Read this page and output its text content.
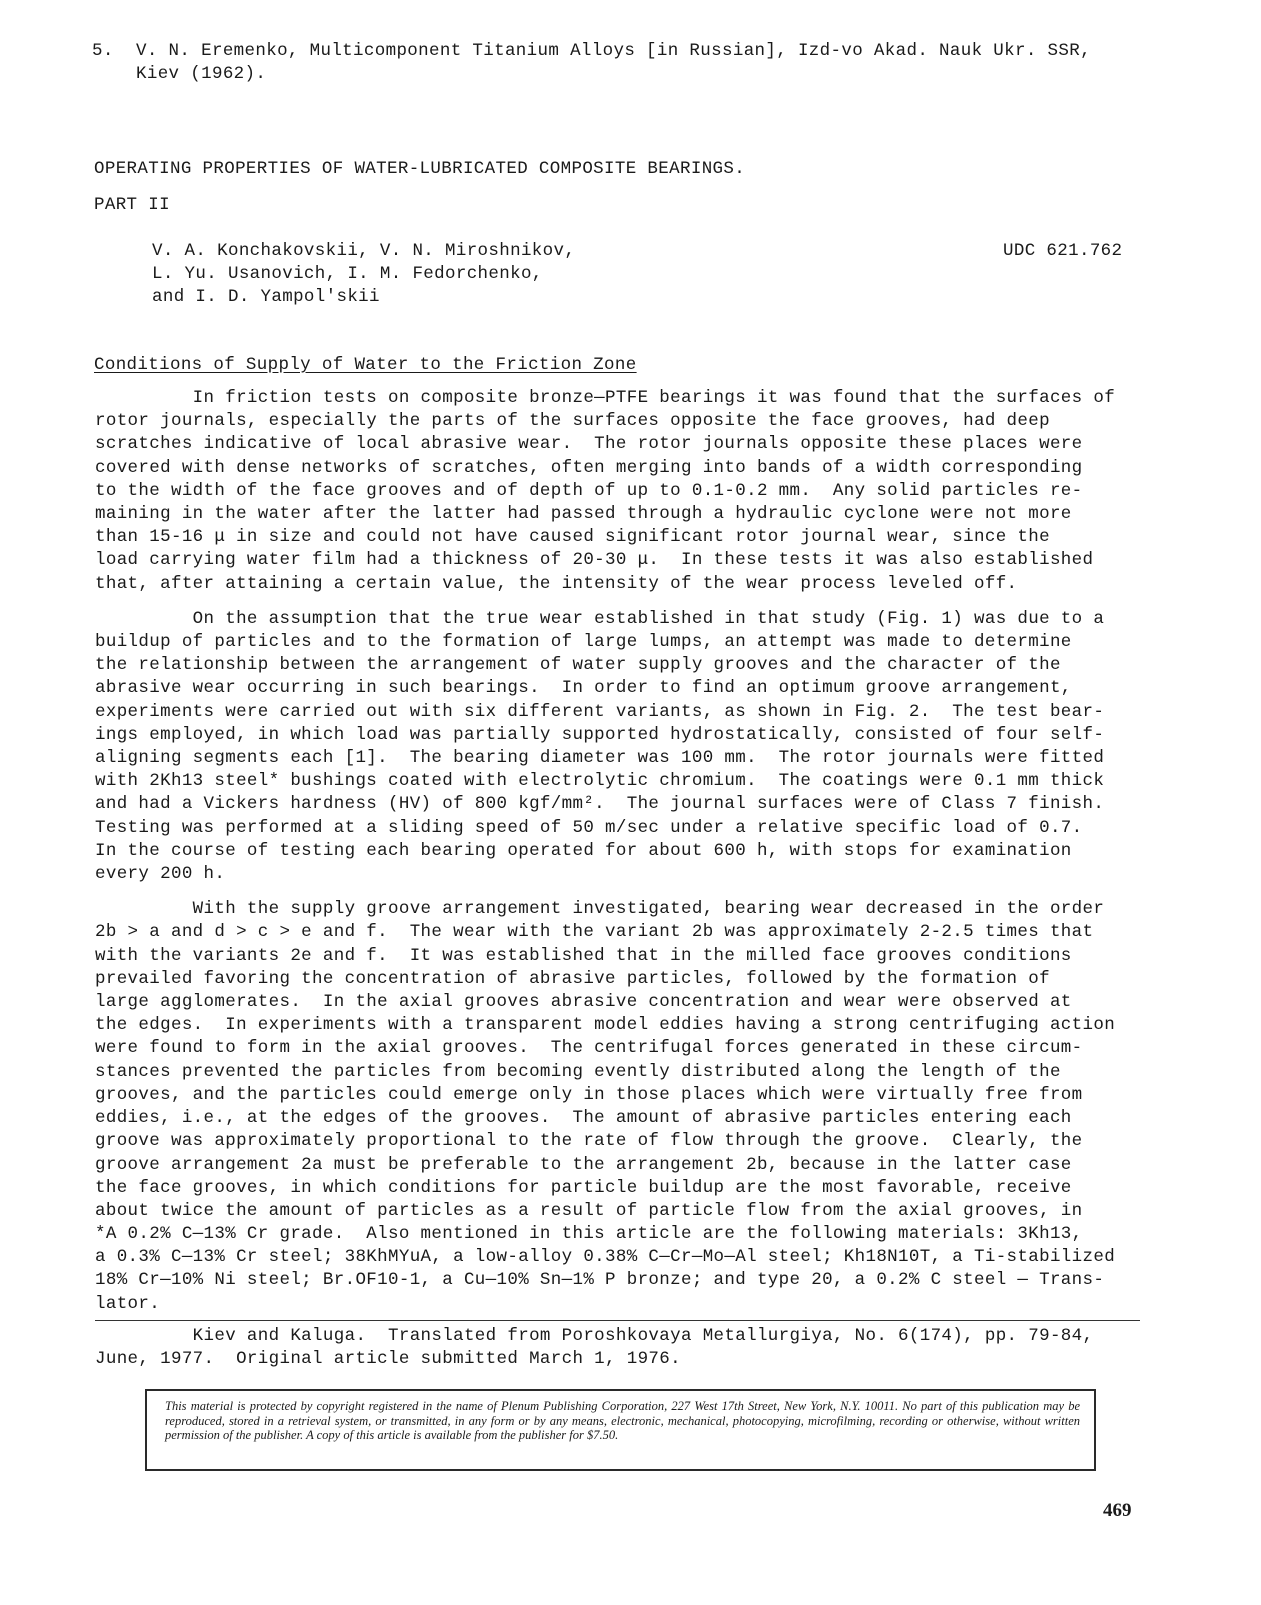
5. V. N. Eremenko, Multicomponent Titanium Alloys [in Russian], Izd-vo Akad. Nauk Ukr. SSR,
Kiev (1962).
OPERATING PROPERTIES OF WATER-LUBRICATED COMPOSITE BEARINGS.
PART II
V. A. Konchakovskii, V. N. Miroshnikov,
L. Yu. Usanovich, I. M. Fedorchenko,
and I. D. Yampol'skii
UDC 621.762
Conditions of Supply of Water to the Friction Zone
In friction tests on composite bronze—PTFE bearings it was found that the surfaces of
rotor journals, especially the parts of the surfaces opposite the face grooves, had deep
scratches indicative of local abrasive wear.  The rotor journals opposite these places were
covered with dense networks of scratches, often merging into bands of a width corresponding
to the width of the face grooves and of depth of up to 0.1-0.2 mm.  Any solid particles re-
maining in the water after the latter had passed through a hydraulic cyclone were not more
than 15-16 μ in size and could not have caused significant rotor journal wear, since the
load carrying water film had a thickness of 20-30 μ.  In these tests it was also established
that, after attaining a certain value, the intensity of the wear process leveled off.
On the assumption that the true wear established in that study (Fig. 1) was due to a
buildup of particles and to the formation of large lumps, an attempt was made to determine
the relationship between the arrangement of water supply grooves and the character of the
abrasive wear occurring in such bearings.  In order to find an optimum groove arrangement,
experiments were carried out with six different variants, as shown in Fig. 2.  The test bear-
ings employed, in which load was partially supported hydrostatically, consisted of four self-
aligning segments each [1].  The bearing diameter was 100 mm.  The rotor journals were fitted
with 2Kh13 steel* bushings coated with electrolytic chromium.  The coatings were 0.1 mm thick
and had a Vickers hardness (HV) of 800 kgf/mm².  The journal surfaces were of Class 7 finish.
Testing was performed at a sliding speed of 50 m/sec under a relative specific load of 0.7.
In the course of testing each bearing operated for about 600 h, with stops for examination
every 200 h.
With the supply groove arrangement investigated, bearing wear decreased in the order
2b > a and d > c > e and f.  The wear with the variant 2b was approximately 2-2.5 times that
with the variants 2e and f.  It was established that in the milled face grooves conditions
prevailed favoring the concentration of abrasive particles, followed by the formation of
large agglomerates.  In the axial grooves abrasive concentration and wear were observed at
the edges.  In experiments with a transparent model eddies having a strong centrifuging action
were found to form in the axial grooves.  The centrifugal forces generated in these circum-
stances prevented the particles from becoming evently distributed along the length of the
grooves, and the particles could emerge only in those places which were virtually free from
eddies, i.e., at the edges of the grooves.  The amount of abrasive particles entering each
groove was approximately proportional to the rate of flow through the groove.  Clearly, the
groove arrangement 2a must be preferable to the arrangement 2b, because in the latter case
the face grooves, in which conditions for particle buildup are the most favorable, receive
about twice the amount of particles as a result of particle flow from the axial grooves, in
*A 0.2% C—13% Cr grade.  Also mentioned in this article are the following materials: 3Kh13,
a 0.3% C—13% Cr steel; 38KhMYuA, a low-alloy 0.38% C—Cr—Mo—Al steel; Kh18N10T, a Ti-stabilized
18% Cr—10% Ni steel; Br.OF10-1, a Cu—10% Sn—1% P bronze; and type 20, a 0.2% C steel — Trans-
lator.
Kiev and Kaluga.  Translated from Poroshkovaya Metallurgiya, No. 6(174), pp. 79-84,
June, 1977.  Original article submitted March 1, 1976.
This material is protected by copyright registered in the name of Plenum Publishing Corporation, 227 West 17th Street, New York, N.Y. 10011. No part of this publication may be reproduced, stored in a retrieval system, or transmitted, in any form or by any means, electronic, mechanical, photocopying, microfilming, recording or otherwise, without written permission of the publisher. A copy of this article is available from the publisher for $7.50.
469
